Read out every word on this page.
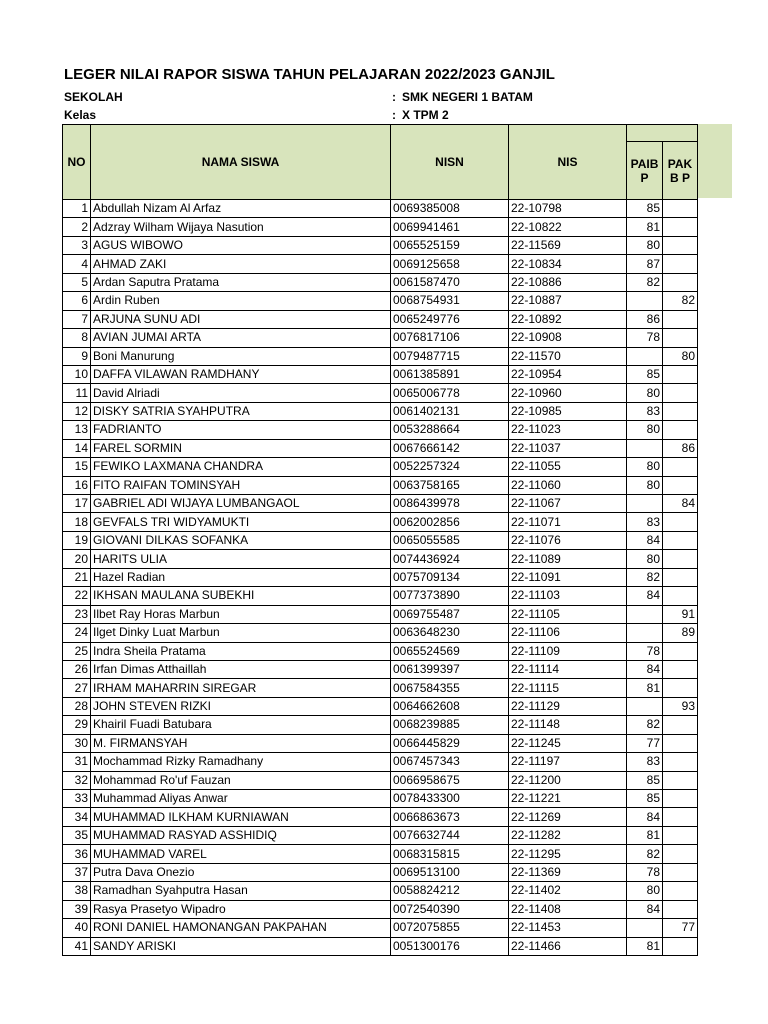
LEGER NILAI RAPOR SISWA TAHUN PELAJARAN 2022/2023 GANJIL
SEKOLAH	: SMK NEGERI 1 BATAM
Kelas	: X TPM 2
NO	NAMA SISWA	NISN	NIS		
				PAIB P	PAKB P
1	Abdullah Nizam Al Arfaz	0069385008	22-10798	85	
2	Adzray Wilham Wijaya Nasution	0069941461	22-10822	81	
3	AGUS WIBOWO	0065525159	22-11569	80	
4	AHMAD ZAKI	0069125658	22-10834	87	
5	Ardan Saputra Pratama	0061587470	22-10886	82	
6	Ardin Ruben	0068754931	22-10887		82
7	ARJUNA SUNU ADI	0065249776	22-10892	86	
8	AVIAN JUMAI ARTA	0076817106	22-10908	78	
9	Boni Manurung	0079487715	22-11570		80
10	DAFFA VILAWAN RAMDHANY	0061385891	22-10954	85	
11	David Alriadi	0065006778	22-10960	80	
12	DISKY SATRIA SYAHPUTRA	0061402131	22-10985	83	
13	FADRIANTO	0053288664	22-11023	80	
14	FAREL SORMIN	0067666142	22-11037		86
15	FEWIKO LAXMANA CHANDRA	0052257324	22-11055	80	
16	FITO RAIFAN TOMINSYAH	0063758165	22-11060	80	
17	GABRIEL ADI WIJAYA LUMBANGAOL	0086439978	22-11067		84
18	GEVFALS TRI WIDYAMUKTI	0062002856	22-11071	83	
19	GIOVANI DILKAS SOFANKA	0065055585	22-11076	84	
20	HARITS ULIA	0074436924	22-11089	80	
21	Hazel Radian	0075709134	22-11091	82	
22	IKHSAN MAULANA SUBEKHI	0077373890	22-11103	84	
23	Ilbet Ray Horas Marbun	0069755487	22-11105		91
24	Ilget Dinky Luat Marbun	0063648230	22-11106		89
25	Indra Sheila Pratama	0065524569	22-11109	78	
26	Irfan Dimas Atthaillah	0061399397	22-11114	84	
27	IRHAM MAHARRIN SIREGAR	0067584355	22-11115	81	
28	JOHN STEVEN RIZKI	0064662608	22-11129		93
29	Khairil Fuadi Batubara	0068239885	22-11148	82	
30	M. FIRMANSYAH	0066445829	22-11245	77	
31	Mochammad Rizky Ramadhany	0067457343	22-11197	83	
32	Mohammad Ro'uf Fauzan	0066958675	22-11200	85	
33	Muhammad Aliyas Anwar	0078433300	22-11221	85	
34	MUHAMMAD ILKHAM KURNIAWAN	0066863673	22-11269	84	
35	MUHAMMAD RASYAD ASSHIDIQ	0076632744	22-11282	81	
36	MUHAMMAD VAREL	0068315815	22-11295	82	
37	Putra Dava Onezio	0069513100	22-11369	78	
38	Ramadhan Syahputra Hasan	0058824212	22-11402	80	
39	Rasya Prasetyo Wipadro	0072540390	22-11408	84	
40	RONI DANIEL HAMONANGAN PAKPAHAN	0072075855	22-11453		77
41	SANDY ARISKI	0051300176	22-11466	81	
